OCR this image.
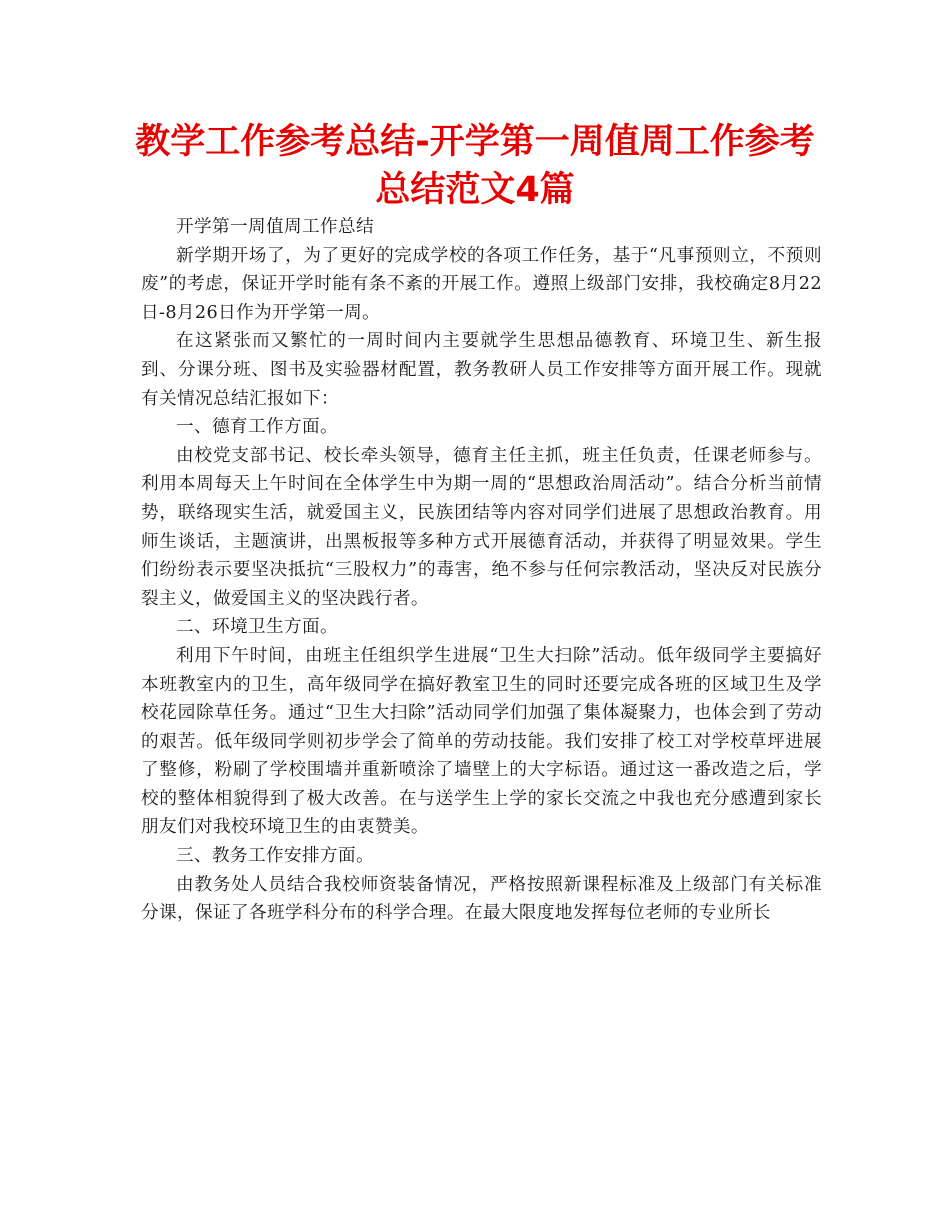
教学工作参考总结-开学第一周值周工作参考总结范文4篇

开学第一周值周工作总结

新学期开场了，为了更好的完成学校的各项工作任务，基于“凡事预则立，不预则废”的考虑，保证开学时能有条不紊的开展工作。遵照上级部门安排，我校确定8月22日-8月26日作为开学第一周。

在这紧张而又繁忙的一周时间内主要就学生思想品德教育、环境卫生、新生报到、分课分班、图书及实验器材配置，教务教研人员工作安排等方面开展工作。现就有关情况总结汇报如下：

一、德育工作方面。

由校党支部书记、校长牵头领导，德育主任主抓，班主任负责，任课老师参与。利用本周每天上午时间在全体学生中为期一周的“思想政治周活动”。结合分析当前情势，联络现实生活，就爱国主义，民族团结等内容对同学们进展了思想政治教育。用师生谈话，主题演讲，出黑板报等多种方式开展德育活动，并获得了明显效果。学生们纷纷表示要坚决抵抗“三股权力”的毒害，绝不参与任何宗教活动，坚决反对民族分裂主义，做爱国主义的坚决践行者。

二、环境卫生方面。

利用下午时间，由班主任组织学生进展“卫生大扫除”活动。低年级同学主要搞好本班教室内的卫生，高年级同学在搞好教室卫生的同时还要完成各班的区域卫生及学校花园除草任务。通过“卫生大扫除”活动同学们加强了集体凝聚力，也体会到了劳动的艰苦。低年级同学则初步学会了简单的劳动技能。我们安排了校工对学校草坪进展了整修，粉刷了学校围墙并重新喷涂了墙壁上的大字标语。通过这一番改造之后，学校的整体相貌得到了极大改善。在与送学生上学的家长交流之中我也充分感遭到家长朋友们对我校环境卫生的由衷赞美。

三、教务工作安排方面。

由教务处人员结合我校师资装备情况，严格按照新课程标准及上级部门有关标准分课，保证了各班学科分布的科学合理。在最大限度地发挥每位老师的专业所长
